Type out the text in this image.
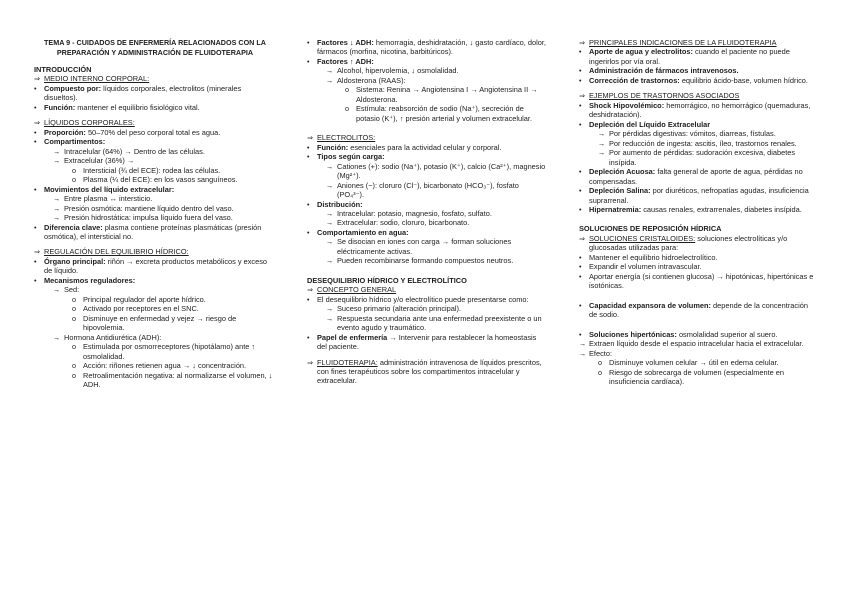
TEMA 9 - CUIDADOS DE ENFERMERÍA RELACIONADOS CON LA PREPARACIÓN Y ADMINISTRACIÓN DE FLUIDOTERAPIA
INTRODUCCIÓN
⇒ MEDIO INTERNO CORPORAL:
• Compuesto por: líquidos corporales, electrolitos (minerales disueltos).
• Función: mantener el equilibrio fisiológico vital.
⇒ LÍQUIDOS CORPORALES:
• Proporción: 50–70% del peso corporal total es agua.
• Compartimentos:
→ Intracelular (64%) → Dentro de las células.
→ Extracelular (36%) →
o Intersticial (¾ del ECE): rodea las células.
o Plasma (¼ del ECE): en los vasos sanguíneos.
• Movimientos del líquido extracelular:
→ Entre plasma ↔ intersticio.
→ Presión osmótica: mantiene líquido dentro del vaso.
→ Presión hidrostática: impulsa líquido fuera del vaso.
• Diferencia clave: plasma contiene proteínas plasmáticas (presión osmótica), el intersticial no.
⇒ REGULACIÓN DEL EQUILIBRIO HÍDRICO:
• Órgano principal: riñón → excreta productos metabólicos y exceso de líquido.
• Mecanismos reguladores:
→ Sed:
o Principal regulador del aporte hídrico.
o Activado por receptores en el SNC.
o Disminuye en enfermedad y vejez → riesgo de hipovolemia.
→ Hormona Antidiurética (ADH):
o Estimulada por osmorreceptores (hipotálamo) ante ↑ osmolalidad.
o Acción: riñones retienen agua → ↓ concentración.
o Retroalimentación negativa: al normalizarse el volumen, ↓ ADH.
• Factores ↓ ADH: hemorragia, deshidratación, ↓ gasto cardíaco, dolor, fármacos (morfina, nicotina, barbitúricos).
• Factores ↑ ADH:
→ Alcohol, hipervolemia, ↓ osmolalidad.
→ Aldosterona (RAAS):
o Sistema: Renina → Angiotensina I → Angiotensina II → Aldosterona.
o Estímula: reabsorción de sodio (Na⁺), secreción de potasio (K⁺), ↑ presión arterial y volumen extracelular.
⇒ ELECTROLITOS:
• Función: esenciales para la actividad celular y corporal.
• Tipos según carga:
→ Cationes (+): sodio (Na⁺), potasio (K⁺), calcio (Ca²⁺), magnesio (Mg²⁺).
→ Aniones (−): cloruro (Cl⁻), bicarbonato (HCO₃⁻), fosfato (PO₄³⁻).
• Distribución:
→ Intracelular: potasio, magnesio, fosfato, sulfato.
→ Extracelular: sodio, cloruro, bicarbonato.
• Comportamiento en agua:
→ Se disocian en iones con carga → forman soluciones eléctricamente activas.
→ Pueden recombinarse formando compuestos neutros.
DESEQUILIBRIO HÍDRICO Y ELECTROLÍTICO
⇒ CONCEPTO GENERAL
• El desequilibrio hídrico y/o electrolítico puede presentarse como:
→ Suceso primario (alteración principal).
→ Respuesta secundaria ante una enfermedad preexistente o un evento agudo y traumático.
• Papel de enfermería → Intervenir para restablecer la homeostasis del paciente.
⇒ FLUIDOTERAPIA: administración intravenosa de líquidos prescritos, con fines terapéuticos sobre los compartimentos intracelular y extracelular.
⇒ PRINCIPALES INDICACIONES DE LA FLUIDOTERAPIA
• Aporte de agua y electrolitos: cuando el paciente no puede ingerirlos por vía oral.
• Administración de fármacos intravenosos.
• Corrección de trastornos: equilibrio ácido-base, volumen hídrico.
⇒ EJEMPLOS DE TRASTORNOS ASOCIADOS
• Shock Hipovolémico: hemorrágico, no hemorrágico (quemaduras, deshidratación).
• Depleción del Líquido Extracelular
→ Por pérdidas digestivas: vómitos, diarreas, fístulas.
→ Por reducción de ingesta: ascitis, íleo, trastornos renales.
→ Por aumento de pérdidas: sudoración excesiva, diabetes insípida.
• Depleción Acuosa: falta general de aporte de agua, pérdidas no compensadas.
• Depleción Salina: por diuréticos, nefropatías agudas, insuficiencia suprarrenal.
• Hipernatremia: causas renales, extrarrenales, diabetes insípida.
SOLUCIONES DE REPOSICIÓN HÍDRICA
⇒ SOLUCIONES CRISTALOIDES: soluciones electrolíticas y/o glucosadas utilizadas para:
• Mantener el equilibrio hidroelectrolítico.
• Expandir el volumen intravascular.
• Aportar energía (si contienen glucosa) → hipotónicas, hipertónicas e isotónicas.
• Capacidad expansora de volumen: depende de la concentración de sodio.
• Soluciones hipertónicas: osmolalidad superior al suero.
→ Extraen líquido desde el espacio intracelular hacia el extracelular.
→ Efecto:
o Disminuye volumen celular → útil en edema celular.
o Riesgo de sobrecarga de volumen (especialmente en insuficiencia cardíaca).
